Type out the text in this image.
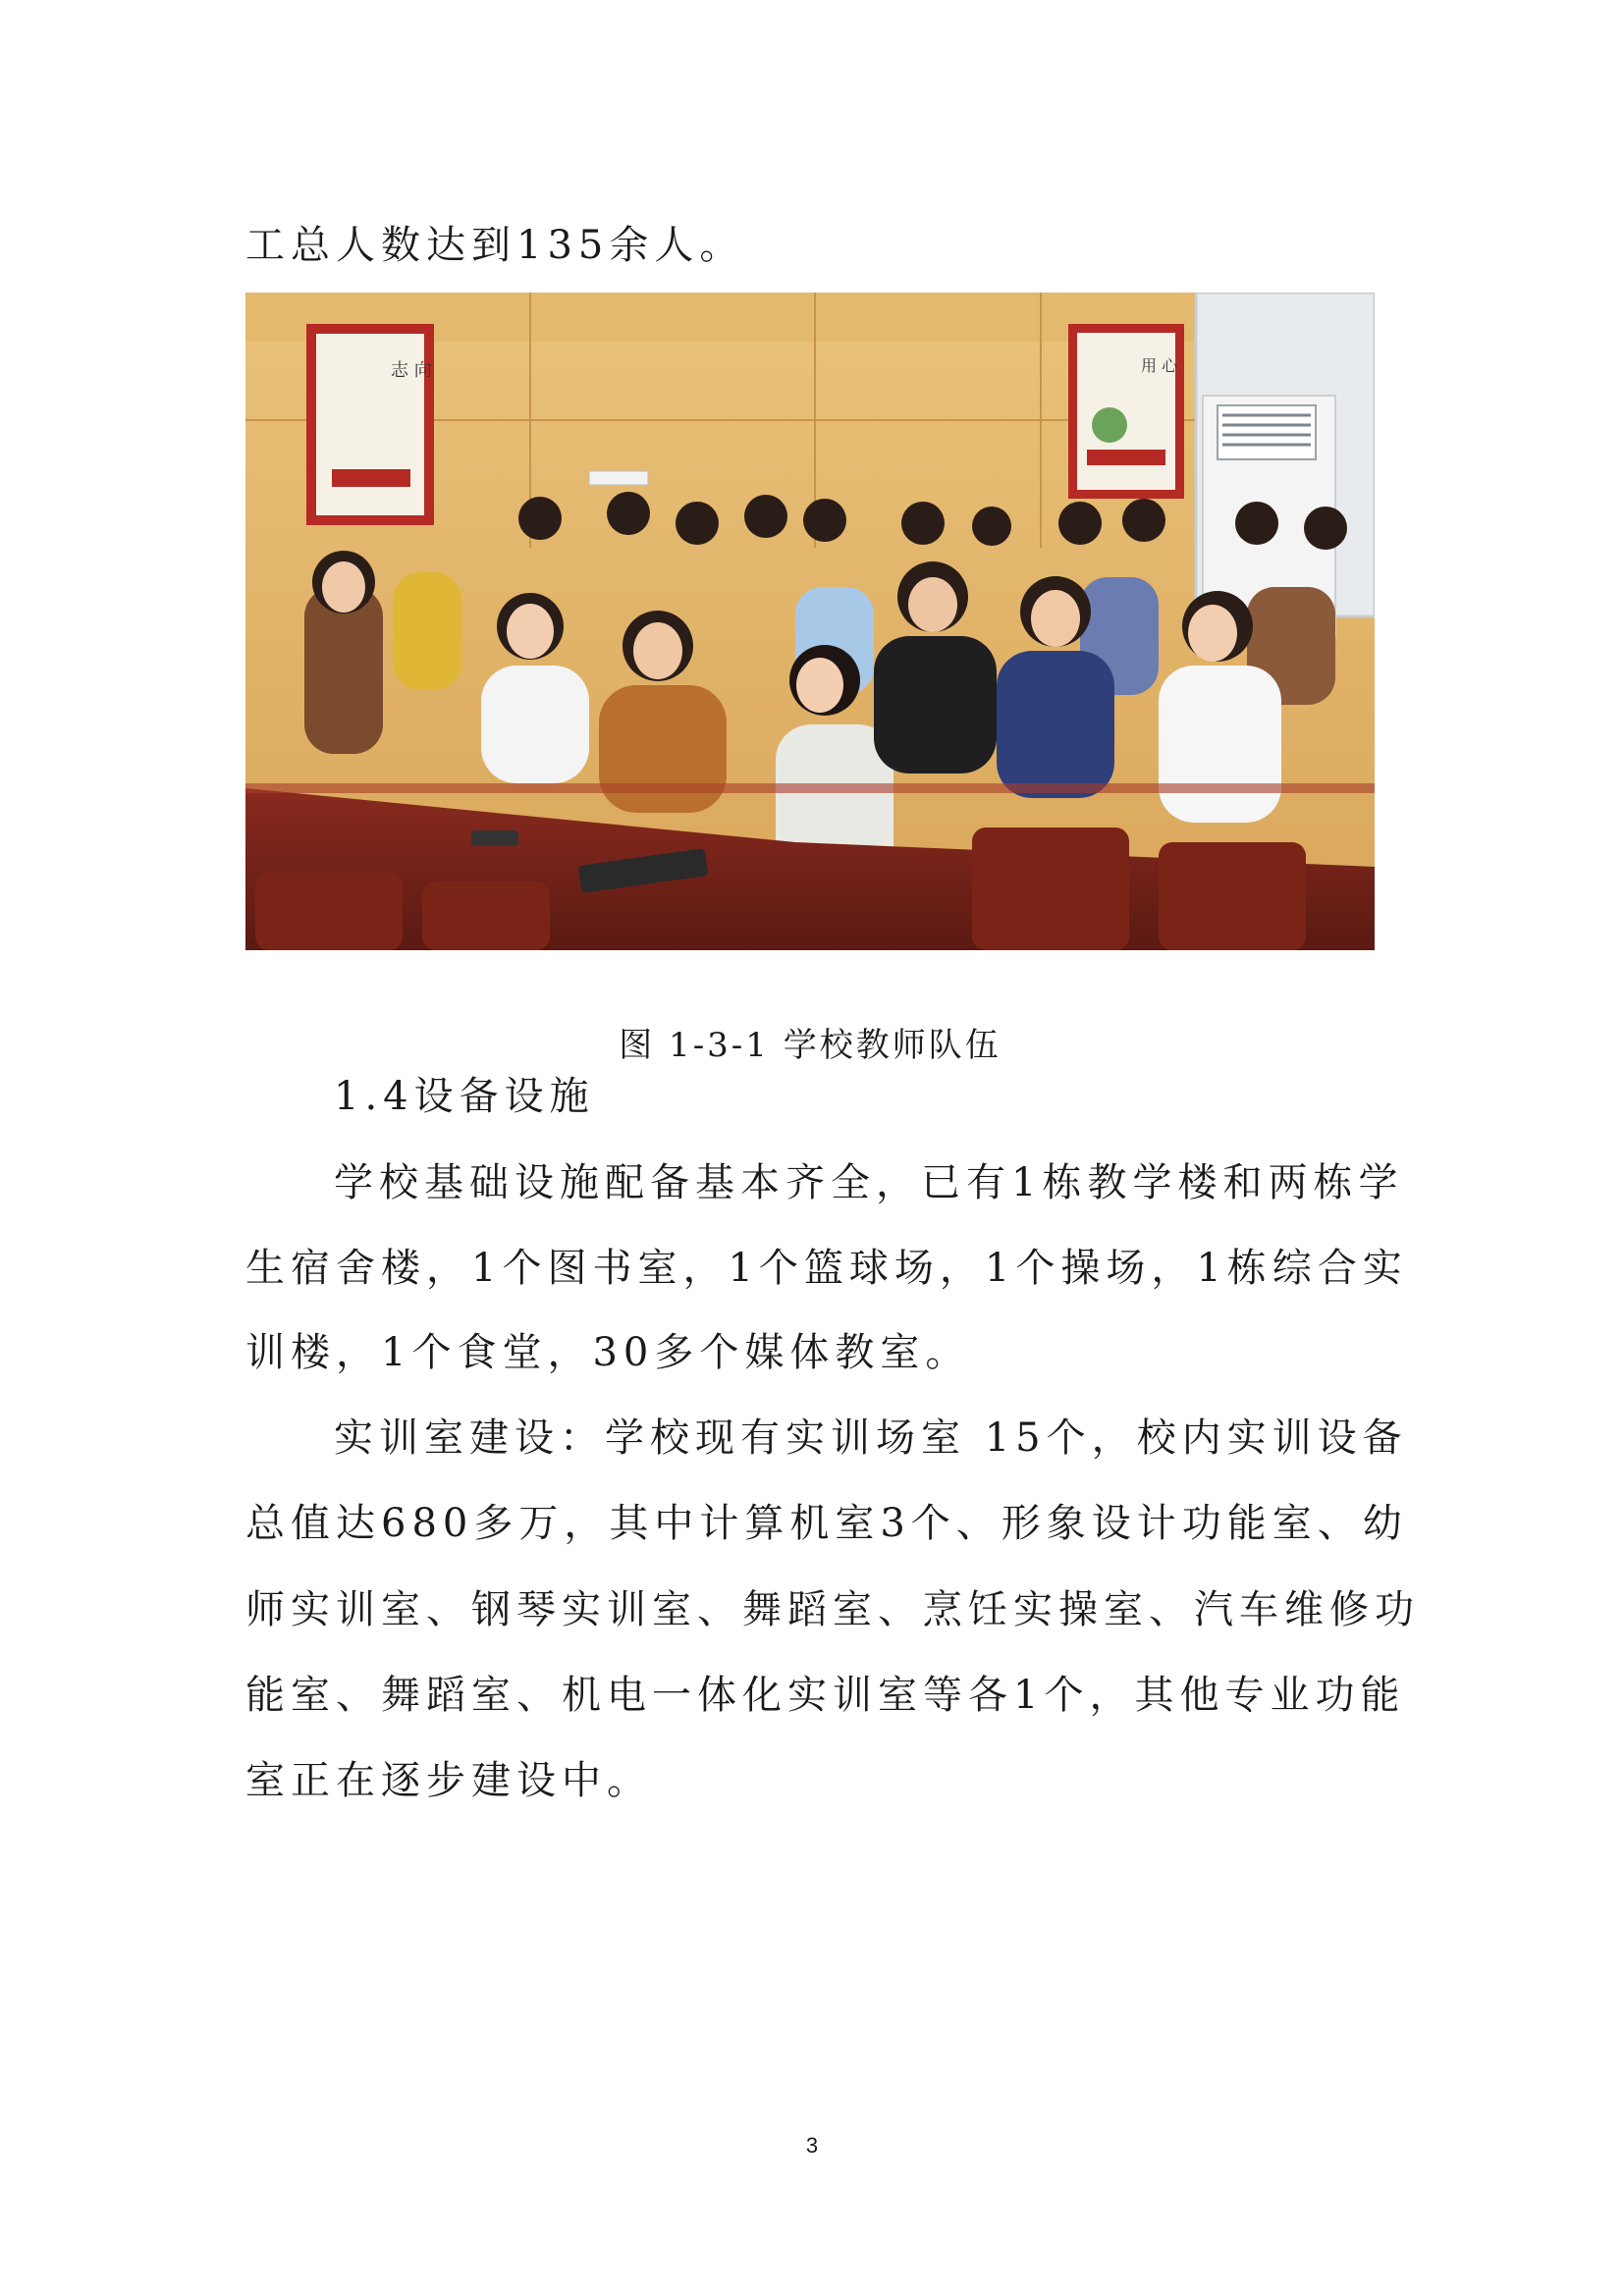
工总人数达到135余人。

志 向	用 心

图 1-3-1 学校教师队伍

1.4设备设施

学校基础设施配备基本齐全，已有1栋教学楼和两栋学

生宿舍楼，1个图书室，1个篮球场，1个操场，1栋综合实

训楼，1个食堂，30多个媒体教室。

实训室建设：学校现有实训场室 15个，校内实训设备

总值达680多万，其中计算机室3个、形象设计功能室、幼

师实训室、钢琴实训室、舞蹈室、烹饪实操室、汽车维修功

能室、舞蹈室、机电一体化实训室等各1个，其他专业功能

室正在逐步建设中。

3
